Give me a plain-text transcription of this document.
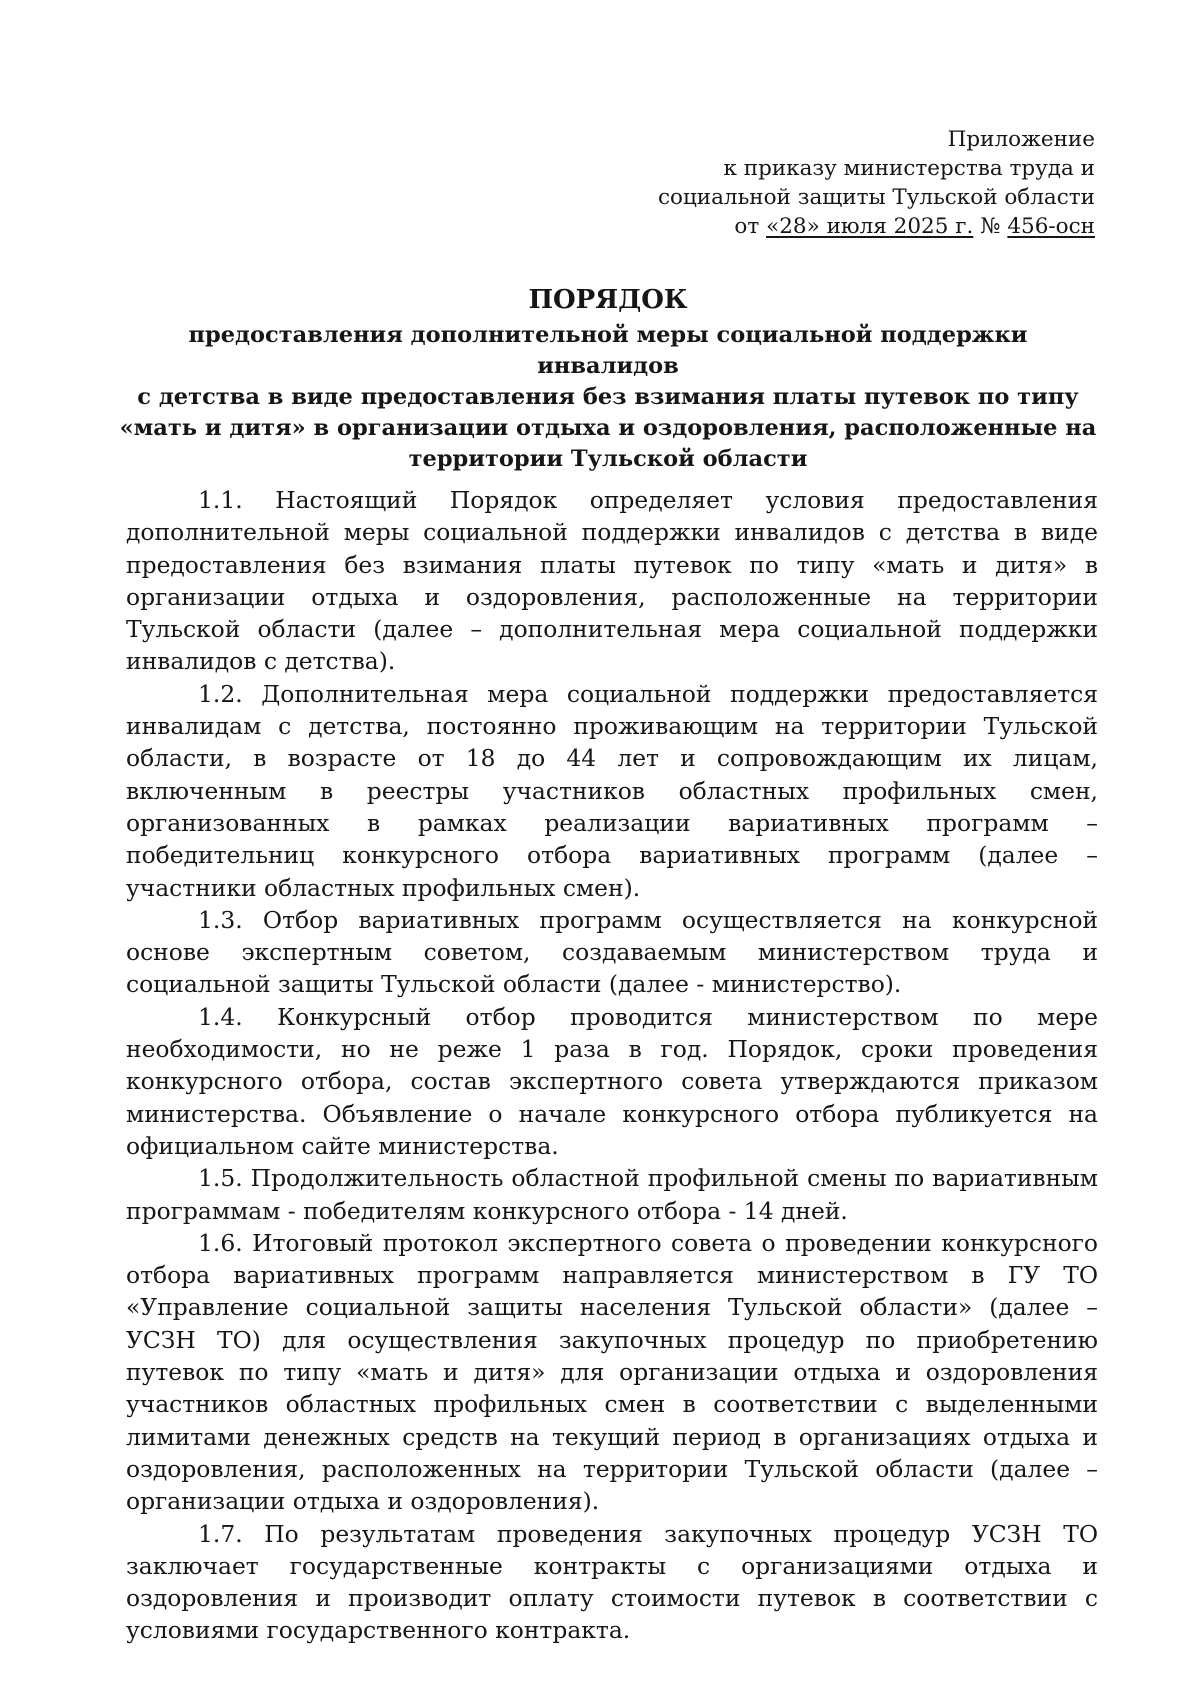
Приложение
к приказу министерства труда и
социальной защиты Тульской области
от «28» июля 2025 г. № 456-осн
ПОРЯДОК
предоставления дополнительной меры социальной поддержки инвалидов
с детства в виде предоставления без взимания платы путевок по типу
«мать и дитя» в организации отдыха и оздоровления, расположенные на
территории Тульской области

1.1. Настоящий Порядок определяет условия предоставления дополнительной меры социальной поддержки инвалидов с детства в виде предоставления без взимания платы путевок по типу «мать и дитя» в организации отдыха и оздоровления, расположенные на территории Тульской области (далее – дополнительная мера социальной поддержки инвалидов с детства).

1.2. Дополнительная мера социальной поддержки предоставляется инвалидам с детства, постоянно проживающим на территории Тульской области, в возрасте от 18 до 44 лет и сопровождающим их лицам, включенным в реестры участников областных профильных смен, организованных в рамках реализации вариативных программ – победительниц конкурсного отбора вариативных программ (далее – участники областных профильных смен).

1.3. Отбор вариативных программ осуществляется на конкурсной основе экспертным советом, создаваемым министерством труда и социальной защиты Тульской области (далее - министерство).

1.4. Конкурсный отбор проводится министерством по мере необходимости, но не реже 1 раза в год. Порядок, сроки проведения конкурсного отбора, состав экспертного совета утверждаются приказом министерства. Объявление о начале конкурсного отбора публикуется на официальном сайте министерства.

1.5. Продолжительность областной профильной смены по вариативным программам - победителям конкурсного отбора - 14 дней.

1.6. Итоговый протокол экспертного совета о проведении конкурсного отбора вариативных программ направляется министерством в ГУ ТО «Управление социальной защиты населения Тульской области» (далее – УСЗН ТО) для осуществления закупочных процедур по приобретению путевок по типу «мать и дитя» для организации отдыха и оздоровления участников областных профильных смен в соответствии с выделенными лимитами денежных средств на текущий период в организациях отдыха и оздоровления, расположенных на территории Тульской области (далее – организации отдыха и оздоровления).

1.7. По результатам проведения закупочных процедур УСЗН ТО заключает государственные контракты с организациями отдыха и оздоровления и производит оплату стоимости путевок в соответствии с условиями государственного контракта.
